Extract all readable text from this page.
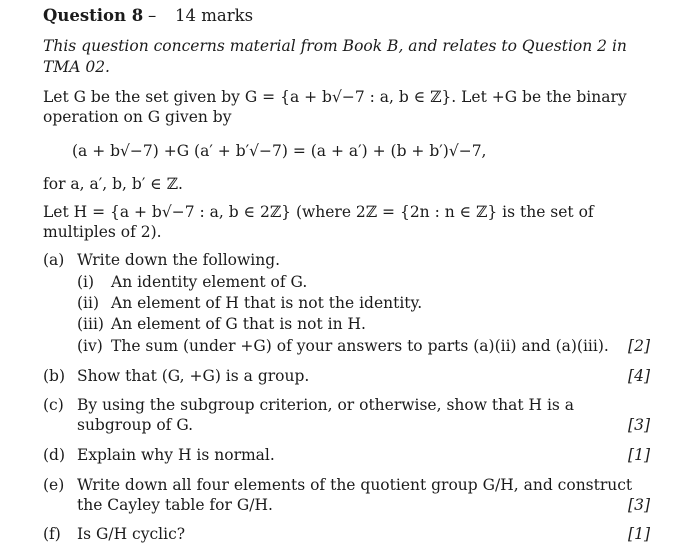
Question 8 – 14 marks
This question concerns material from Book B, and relates to Question 2 in
TMA 02.
Let G be the set given by G = {a + b√−7 : a, b ∈ ℤ}. Let +G be the binary
operation on G given by
(a + b√−7) +G (a′ + b′√−7) = (a + a′) + (b + b′)√−7,
for a, a′, b, b′ ∈ ℤ.
Let H = {a + b√−7 : a, b ∈ 2ℤ} (where 2ℤ = {2n : n ∈ ℤ} is the set of
multiples of 2).
(a) Write down the following.
(i) An identity element of G.
(ii) An element of H that is not the identity.
(iii) An element of G that is not in H.
(iv) The sum (under +G) of your answers to parts (a)(ii) and (a)(iii). [2]
(b) Show that (G, +G) is a group.	[4]
(c) By using the subgroup criterion, or otherwise, show that H is a
subgroup of G.	[3]
(d) Explain why H is normal.	[1]
(e) Write down all four elements of the quotient group G/H, and construct
the Cayley table for G/H.	[3]
(f) Is G/H cyclic?	[1]
